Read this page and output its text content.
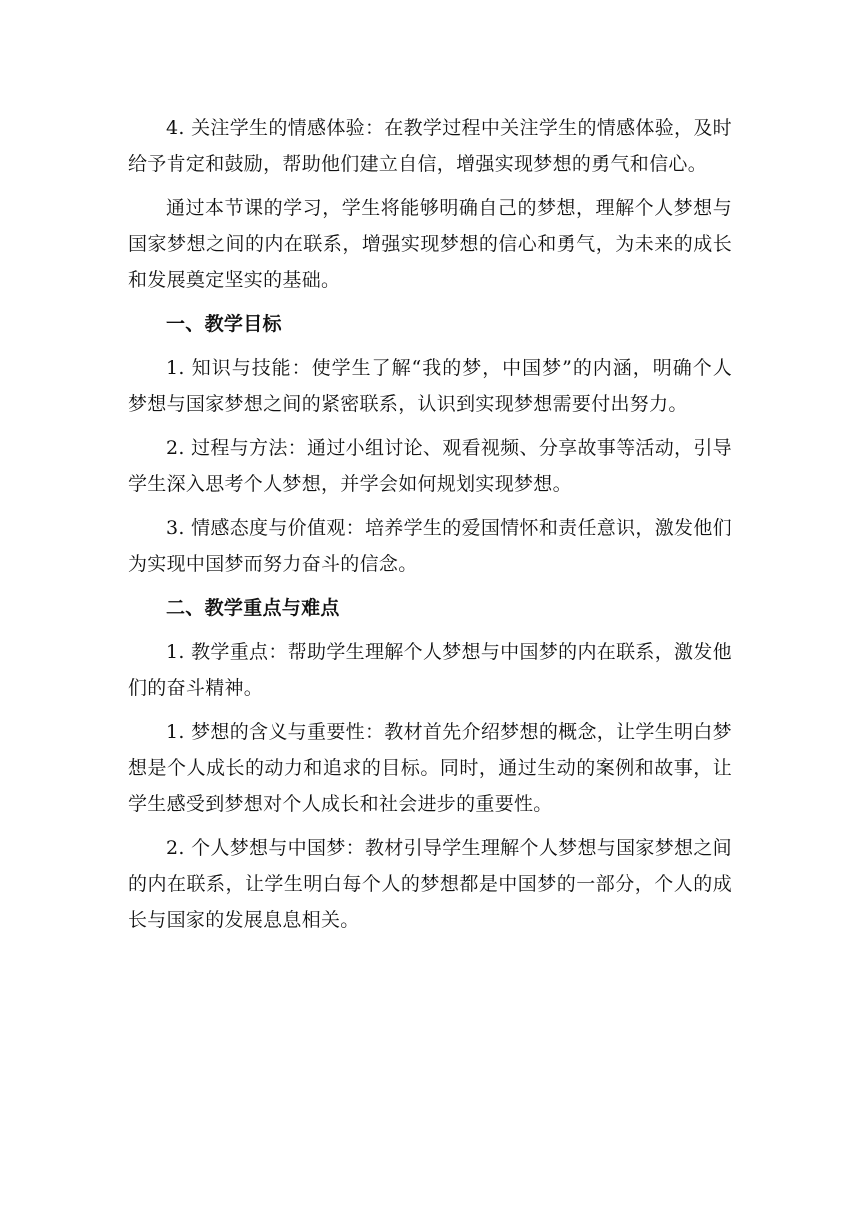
4. 关注学生的情感体验：在教学过程中关注学生的情感体验，及时给予肯定和鼓励，帮助他们建立自信，增强实现梦想的勇气和信心。

通过本节课的学习，学生将能够明确自己的梦想，理解个人梦想与国家梦想之间的内在联系，增强实现梦想的信心和勇气，为未来的成长和发展奠定坚实的基础。

一、教学目标

1. 知识与技能：使学生了解“我的梦，中国梦”的内涵，明确个人梦想与国家梦想之间的紧密联系，认识到实现梦想需要付出努力。

2. 过程与方法：通过小组讨论、观看视频、分享故事等活动，引导学生深入思考个人梦想，并学会如何规划实现梦想。

3. 情感态度与价值观：培养学生的爱国情怀和责任意识，激发他们为实现中国梦而努力奋斗的信念。

二、教学重点与难点

1. 教学重点：帮助学生理解个人梦想与中国梦的内在联系，激发他们的奋斗精神。

1. 梦想的含义与重要性：教材首先介绍梦想的概念，让学生明白梦想是个人成长的动力和追求的目标。同时，通过生动的案例和故事，让学生感受到梦想对个人成长和社会进步的重要性。

2. 个人梦想与中国梦：教材引导学生理解个人梦想与国家梦想之间的内在联系，让学生明白每个人的梦想都是中国梦的一部分，个人的成长与国家的发展息息相关。
